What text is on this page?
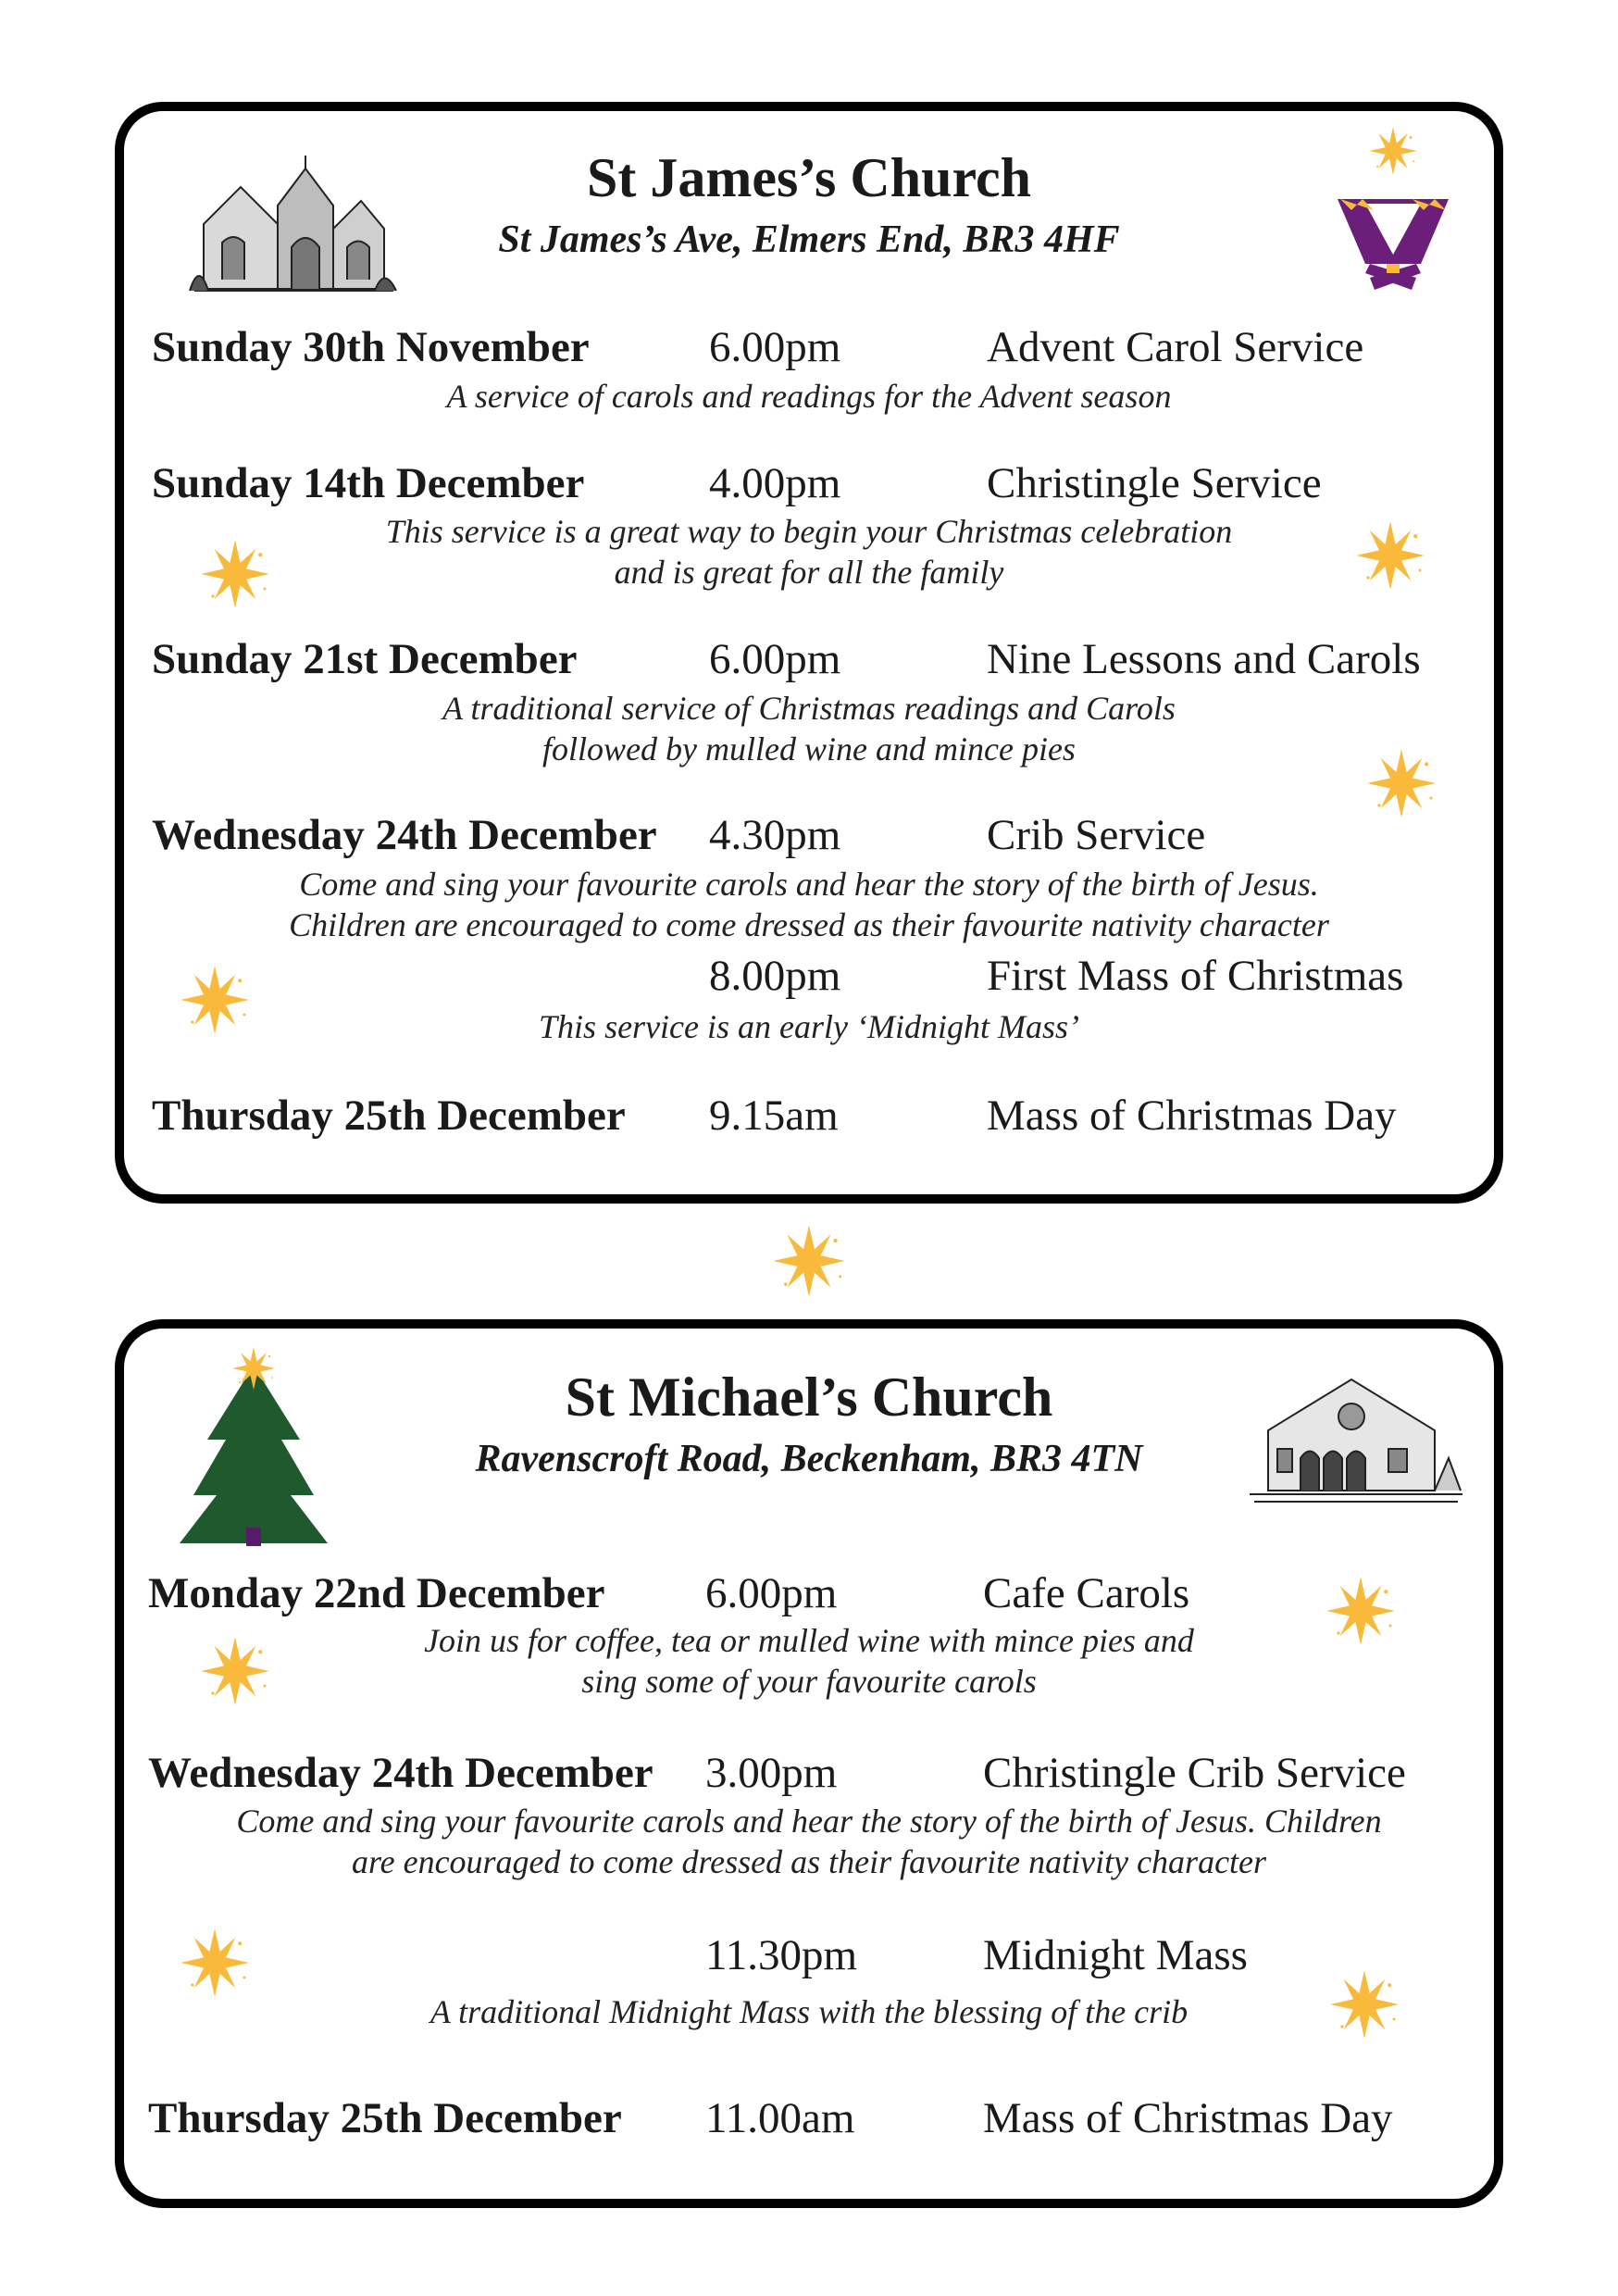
St James’s Church
St James’s Ave, Elmers End, BR3 4HF
Sunday 30th November	6.00pm	Advent Carol Service
A service of carols and readings for the Advent season
Sunday 14th December	4.00pm	Christingle Service
This service is a great way to begin your Christmas celebration
and is great for all the family
Sunday 21st December	6.00pm	Nine Lessons and Carols
A traditional service of Christmas readings and Carols
followed by mulled wine and mince pies
Wednesday 24th December 4.30pm	Crib Service
Come and sing your favourite carols and hear the story of the birth of Jesus.
Children are encouraged to come dressed as their favourite nativity character
8.00pm	First Mass of Christmas
This service is an early ‘Midnight Mass’
Thursday 25th December 9.15am	Mass of Christmas Day
St Michael’s Church
Ravenscroft Road, Beckenham, BR3 4TN
Monday 22nd December 6.00pm	Cafe Carols
Join us for coffee, tea or mulled wine with mince pies and
sing some of your favourite carols
Wednesday 24th December 3.00pm	Christingle Crib Service
Come and sing your favourite carols and hear the story of the birth of Jesus. Children
are encouraged to come dressed as their favourite nativity character
11.30pm	Midnight Mass
A traditional Midnight Mass with the blessing of the crib
Thursday 25th December 11.00am	Mass of Christmas Day
